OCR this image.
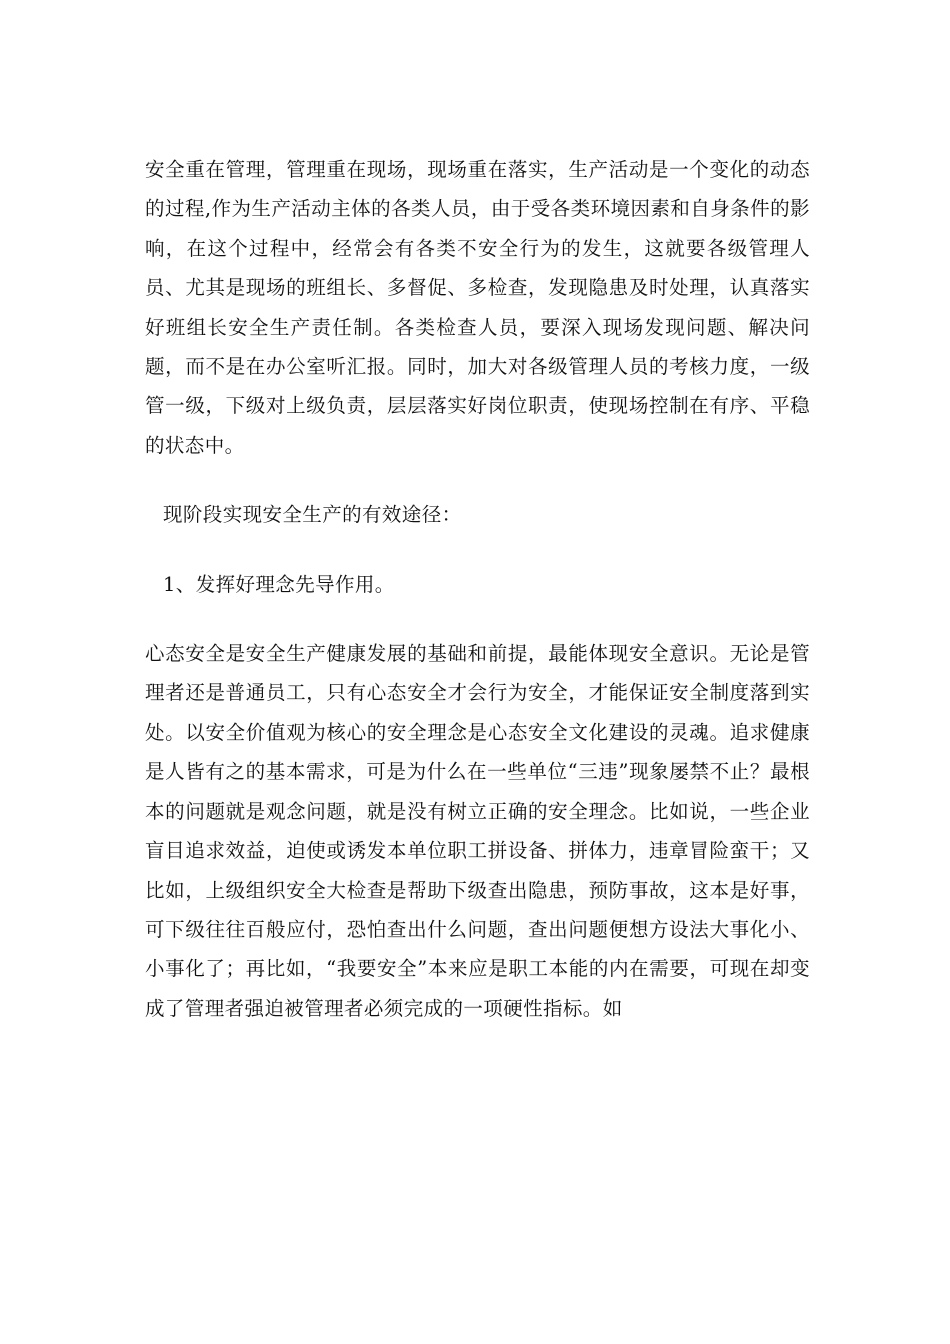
安全重在管理，管理重在现场，现场重在落实，生产活动是一个变化的动态的过程,作为生产活动主体的各类人员，由于受各类环境因素和自身条件的影响，在这个过程中，经常会有各类不安全行为的发生，这就要各级管理人员、尤其是现场的班组长、多督促、多检查，发现隐患及时处理，认真落实好班组长安全生产责任制。各类检查人员，要深入现场发现问题、解决问题，而不是在办公室听汇报。同时，加大对各级管理人员的考核力度，一级管一级，下级对上级负责，层层落实好岗位职责，使现场控制在有序、平稳的状态中。

现阶段实现安全生产的有效途径：

1、发挥好理念先导作用。

心态安全是安全生产健康发展的基础和前提，最能体现安全意识。无论是管理者还是普通员工，只有心态安全才会行为安全，才能保证安全制度落到实处。以安全价值观为核心的安全理念是心态安全文化建设的灵魂。追求健康是人皆有之的基本需求，可是为什么在一些单位“三违”现象屡禁不止？最根本的问题就是观念问题，就是没有树立正确的安全理念。比如说，一些企业盲目追求效益，迫使或诱发本单位职工拼设备、拼体力，违章冒险蛮干；又比如，上级组织安全大检查是帮助下级查出隐患，预防事故，这本是好事，可下级往往百般应付，恐怕查出什么问题，查出问题便想方设法大事化小、小事化了；再比如，“我要安全”本来应是职工本能的内在需要，可现在却变成了管理者强迫被管理者必须完成的一项硬性指标。如
